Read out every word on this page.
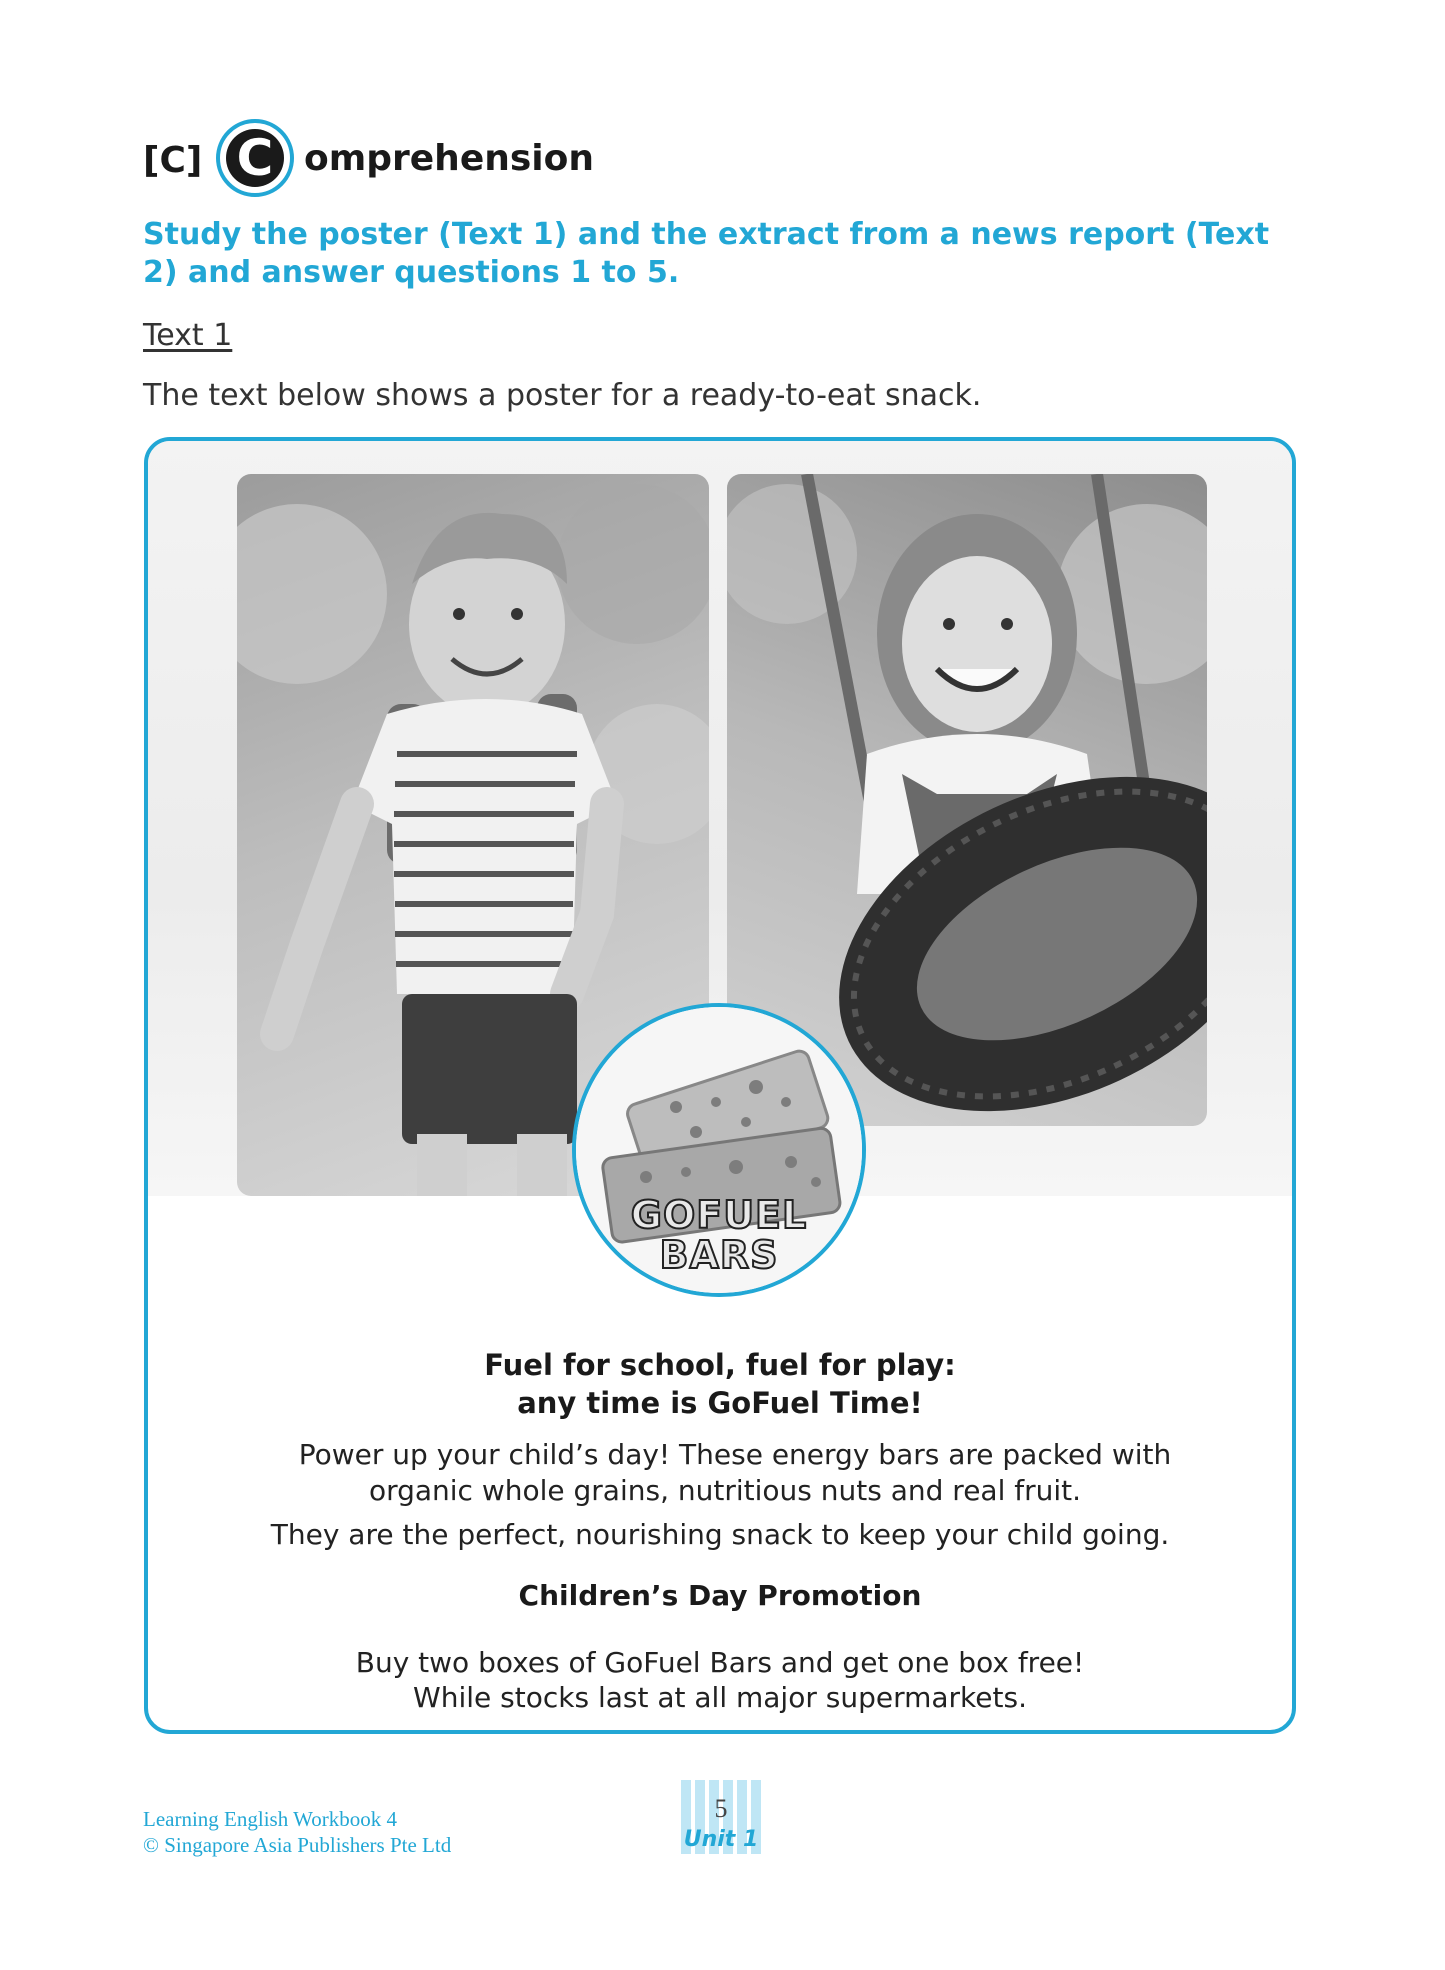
[C] C omprehension
Study the poster (Text 1) and the extract from a news report (Text 2) and answer questions 1 to 5.
Text 1
The text below shows a poster for a ready-to-eat snack.
GOFUEL
BARS
Fuel for school, fuel for play:
any time is GoFuel Time!
Power up your child’s day! These energy bars are packed with
organic whole grains, nutritious nuts and real fruit.
They are the perfect, nourishing snack to keep your child going.
Children’s Day Promotion
Buy two boxes of GoFuel Bars and get one box free!
While stocks last at all major supermarkets.
Learning English Workbook 4
© Singapore Asia Publishers Pte Ltd
5
Unit 1
